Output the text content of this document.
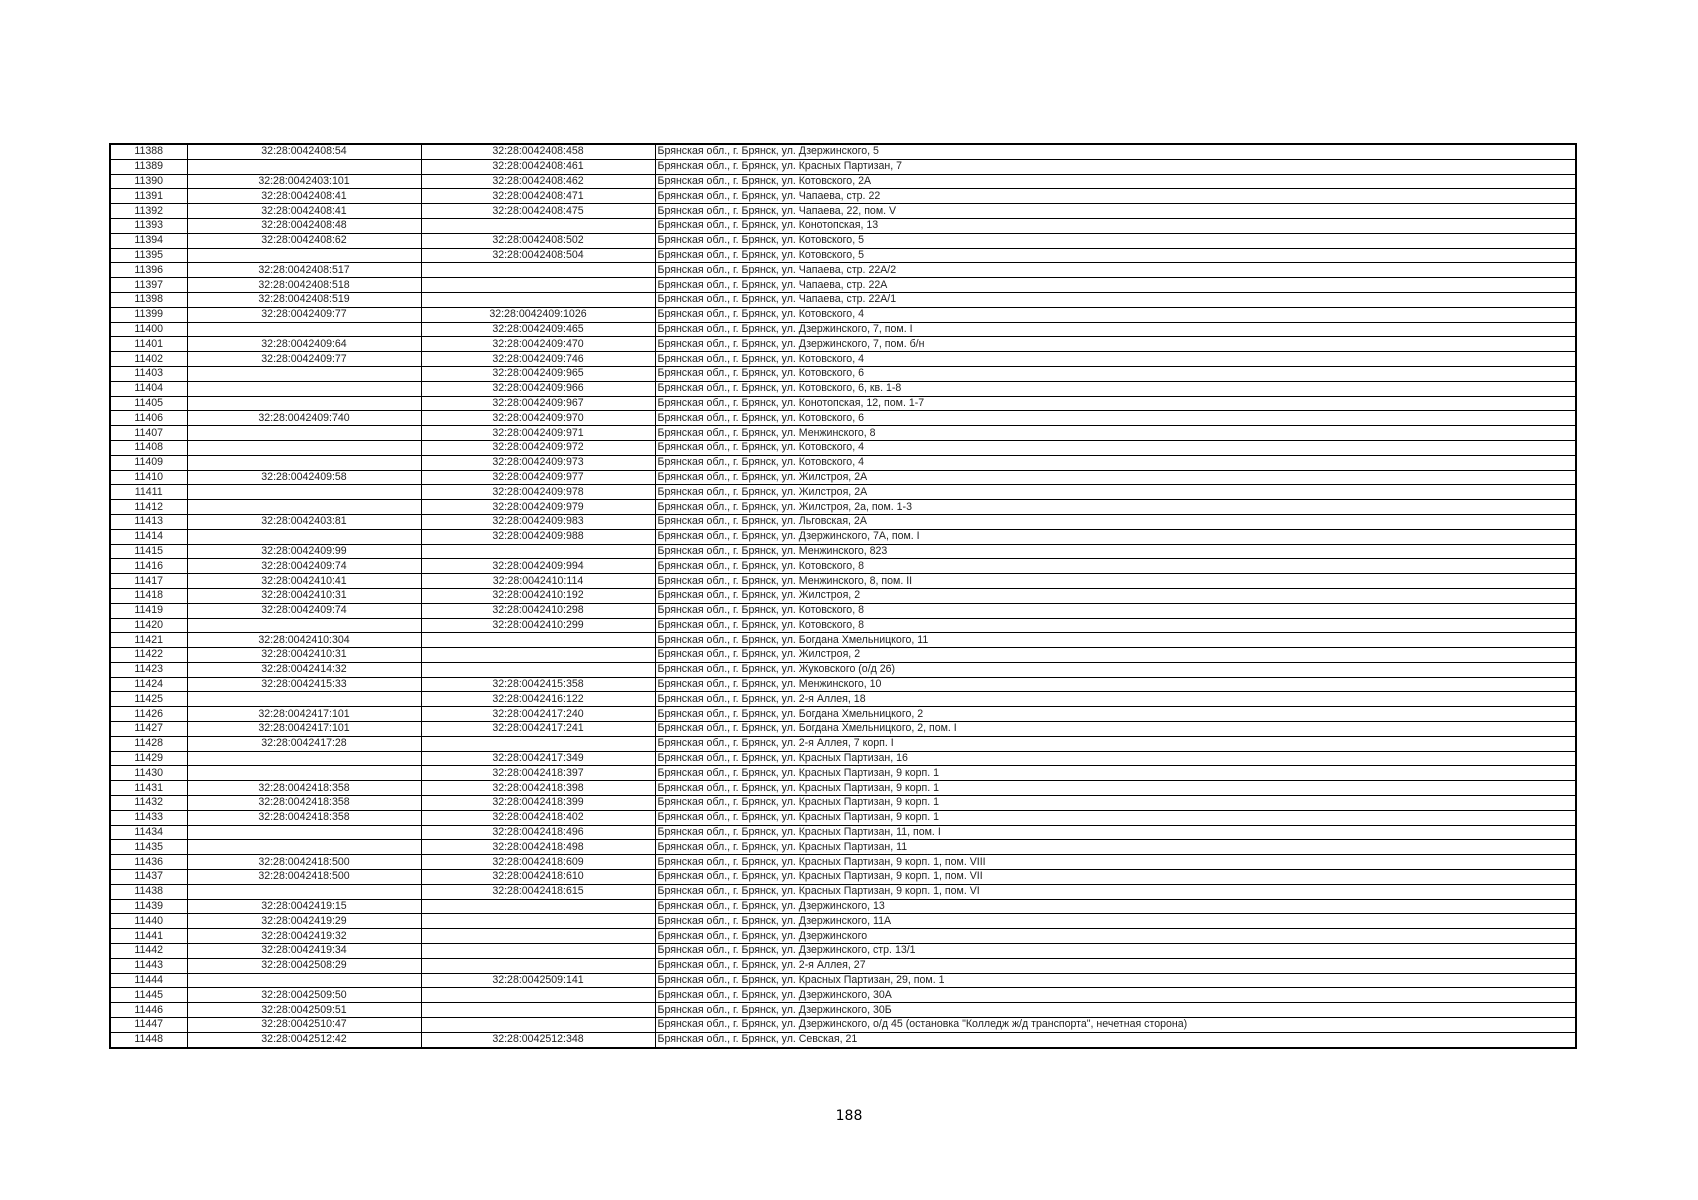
11388	32:28:0042408:54	32:28:0042408:458	Брянская обл., г. Брянск, ул. Дзержинского, 5
11389		32:28:0042408:461	Брянская обл., г. Брянск, ул. Красных Партизан, 7
11390	32:28:0042403:101	32:28:0042408:462	Брянская обл., г. Брянск, ул. Котовского, 2А
11391	32:28:0042408:41	32:28:0042408:471	Брянская обл., г. Брянск, ул. Чапаева, стр. 22
11392	32:28:0042408:41	32:28:0042408:475	Брянская обл., г. Брянск, ул. Чапаева, 22, пом. V
11393	32:28:0042408:48		Брянская обл., г. Брянск, ул. Конотопская, 13
11394	32:28:0042408:62	32:28:0042408:502	Брянская обл., г. Брянск, ул. Котовского, 5
11395		32:28:0042408:504	Брянская обл., г. Брянск, ул. Котовского, 5
11396	32:28:0042408:517		Брянская обл., г. Брянск, ул. Чапаева, стр. 22А/2
11397	32:28:0042408:518		Брянская обл., г. Брянск, ул. Чапаева, стр. 22А
11398	32:28:0042408:519		Брянская обл., г. Брянск, ул. Чапаева, стр. 22А/1
11399	32:28:0042409:77	32:28:0042409:1026	Брянская обл., г. Брянск, ул. Котовского, 4
11400		32:28:0042409:465	Брянская обл., г. Брянск, ул. Дзержинского, 7, пом. I
11401	32:28:0042409:64	32:28:0042409:470	Брянская обл., г. Брянск, ул. Дзержинского, 7, пом. б/н
11402	32:28:0042409:77	32:28:0042409:746	Брянская обл., г. Брянск, ул. Котовского, 4
11403		32:28:0042409:965	Брянская обл., г. Брянск, ул. Котовского, 6
11404		32:28:0042409:966	Брянская обл., г. Брянск, ул. Котовского, 6, кв. 1-8
11405		32:28:0042409:967	Брянская обл., г. Брянск, ул. Конотопская, 12, пом. 1-7
11406	32:28:0042409:740	32:28:0042409:970	Брянская обл., г. Брянск, ул. Котовского, 6
11407		32:28:0042409:971	Брянская обл., г. Брянск, ул. Менжинского, 8
11408		32:28:0042409:972	Брянская обл., г. Брянск, ул. Котовского, 4
11409		32:28:0042409:973	Брянская обл., г. Брянск, ул. Котовского, 4
11410	32:28:0042409:58	32:28:0042409:977	Брянская обл., г. Брянск, ул. Жилстроя, 2А
11411		32:28:0042409:978	Брянская обл., г. Брянск, ул. Жилстроя, 2А
11412		32:28:0042409:979	Брянская обл., г. Брянск, ул. Жилстроя, 2а, пом. 1-3
11413	32:28:0042403:81	32:28:0042409:983	Брянская обл., г. Брянск, ул. Льговская, 2А
11414		32:28:0042409:988	Брянская обл., г. Брянск, ул. Дзержинского, 7А, пом. I
11415	32:28:0042409:99		Брянская обл., г. Брянск, ул. Менжинского, 823
11416	32:28:0042409:74	32:28:0042409:994	Брянская обл., г. Брянск, ул. Котовского, 8
11417	32:28:0042410:41	32:28:0042410:114	Брянская обл., г. Брянск, ул. Менжинского, 8, пом. II
11418	32:28:0042410:31	32:28:0042410:192	Брянская обл., г. Брянск, ул. Жилстроя, 2
11419	32:28:0042409:74	32:28:0042410:298	Брянская обл., г. Брянск, ул. Котовского, 8
11420		32:28:0042410:299	Брянская обл., г. Брянск, ул. Котовского, 8
11421	32:28:0042410:304		Брянская обл., г. Брянск, ул. Богдана Хмельницкого, 11
11422	32:28:0042410:31		Брянская обл., г. Брянск, ул. Жилстроя, 2
11423	32:28:0042414:32		Брянская обл., г. Брянск, ул. Жуковского (о/д 26)
11424	32:28:0042415:33	32:28:0042415:358	Брянская обл., г. Брянск, ул. Менжинского, 10
11425		32:28:0042416:122	Брянская обл., г. Брянск, ул. 2-я Аллея, 18
11426	32:28:0042417:101	32:28:0042417:240	Брянская обл., г. Брянск, ул. Богдана Хмельницкого, 2
11427	32:28:0042417:101	32:28:0042417:241	Брянская обл., г. Брянск, ул. Богдана Хмельницкого, 2, пом. I
11428	32:28:0042417:28		Брянская обл., г. Брянск, ул. 2-я Аллея, 7 корп. I
11429		32:28:0042417:349	Брянская обл., г. Брянск, ул. Красных Партизан, 16
11430		32:28:0042418:397	Брянская обл., г. Брянск, ул. Красных Партизан, 9 корп. 1
11431	32:28:0042418:358	32:28:0042418:398	Брянская обл., г. Брянск, ул. Красных Партизан, 9 корп. 1
11432	32:28:0042418:358	32:28:0042418:399	Брянская обл., г. Брянск, ул. Красных Партизан, 9 корп. 1
11433	32:28:0042418:358	32:28:0042418:402	Брянская обл., г. Брянск, ул. Красных Партизан, 9 корп. 1
11434		32:28:0042418:496	Брянская обл., г. Брянск, ул. Красных Партизан, 11, пом. I
11435		32:28:0042418:498	Брянская обл., г. Брянск, ул. Красных Партизан, 11
11436	32:28:0042418:500	32:28:0042418:609	Брянская обл., г. Брянск, ул. Красных Партизан, 9 корп. 1, пом. VIII
11437	32:28:0042418:500	32:28:0042418:610	Брянская обл., г. Брянск, ул. Красных Партизан, 9 корп. 1, пом. VII
11438		32:28:0042418:615	Брянская обл., г. Брянск, ул. Красных Партизан, 9 корп. 1, пом. VI
11439	32:28:0042419:15		Брянская обл., г. Брянск, ул. Дзержинского, 13
11440	32:28:0042419:29		Брянская обл., г. Брянск, ул. Дзержинского, 11А
11441	32:28:0042419:32		Брянская обл., г. Брянск, ул. Дзержинского
11442	32:28:0042419:34		Брянская обл., г. Брянск, ул. Дзержинского, стр. 13/1
11443	32:28:0042508:29		Брянская обл., г. Брянск, ул. 2-я Аллея, 27
11444		32:28:0042509:141	Брянская обл., г. Брянск, ул. Красных Партизан, 29, пом. 1
11445	32:28:0042509:50		Брянская обл., г. Брянск, ул. Дзержинского, 30А
11446	32:28:0042509:51		Брянская обл., г. Брянск, ул. Дзержинского, 30Б
11447	32:28:0042510:47		Брянская обл., г. Брянск, ул. Дзержинского, о/д 45 (остановка "Колледж ж/д транспорта", нечетная сторона)
11448	32:28:0042512:42	32:28:0042512:348	Брянская обл., г. Брянск, ул. Севская, 21
188
